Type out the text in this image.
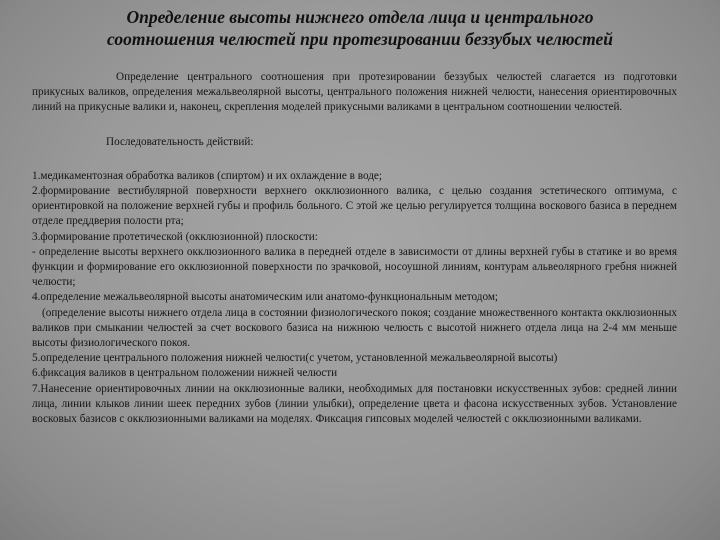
Определение высоты нижнего отдела лица и центрального
соотношения челюстей при протезировании беззубых челюстей

Определение центрального соотношения при протезировании беззубых челюстей слагается из подготовки прикусных валиков, определения межальвеолярной высоты, центрального положения нижней челюсти, нанесения ориентировочных линий на прикусные валики и, наконец, скрепления моделей прикусными валиками в центральном соотношении челюстей.

Последовательность действий:

1.медикаментозная обработка валиков (спиртом) и их охлаждение в воде;

2.формирование вестибулярной поверхности верхнего окклюзионного валика, с целью создания эстетического оптимума, с ориентировкой на положение верхней губы и профиль больного. С этой же целью регулируется толщина воскового базиса в переднем отделе преддверия полости рта;

3.формирование протетической (окклюзионной) плоскости:

- определение высоты верхнего окклюзионного валика в передней отделе в зависимости от длины верхней губы в статике и во время функции и формирование его окклюзионной поверхности по зрачковой, носоушной линиям, контурам альвеолярного гребня нижней челюсти;

4.определение межальвеолярной высоты анатомическим или анатомо-функциональным методом;

(определение высоты нижнего отдела лица в состоянии физиологического покоя; создание множественного контакта окклюзионных валиков при смыкании челюстей за счет воскового базиса на нижнюю челюсть с высотой нижнего отдела лица на 2-4 мм меньше высоты физиологического покоя.

5.определение центрального положения нижней челюсти(с учетом, установленной межальвеолярной высоты)

6.фиксация валиков в центральном положении нижней челюсти

7.Нанесение ориентировочных линии на окклюзионные валики, необходимых для постановки искусственных зубов: средней линии лица, линии клыков линии шеек передних зубов (линии улыбки), определение цвета и фасона искусственных зубов. Установление восковых базисов с окклюзионными валиками на моделях. Фиксация гипсовых моделей челюстей с окклюзионными валиками.
